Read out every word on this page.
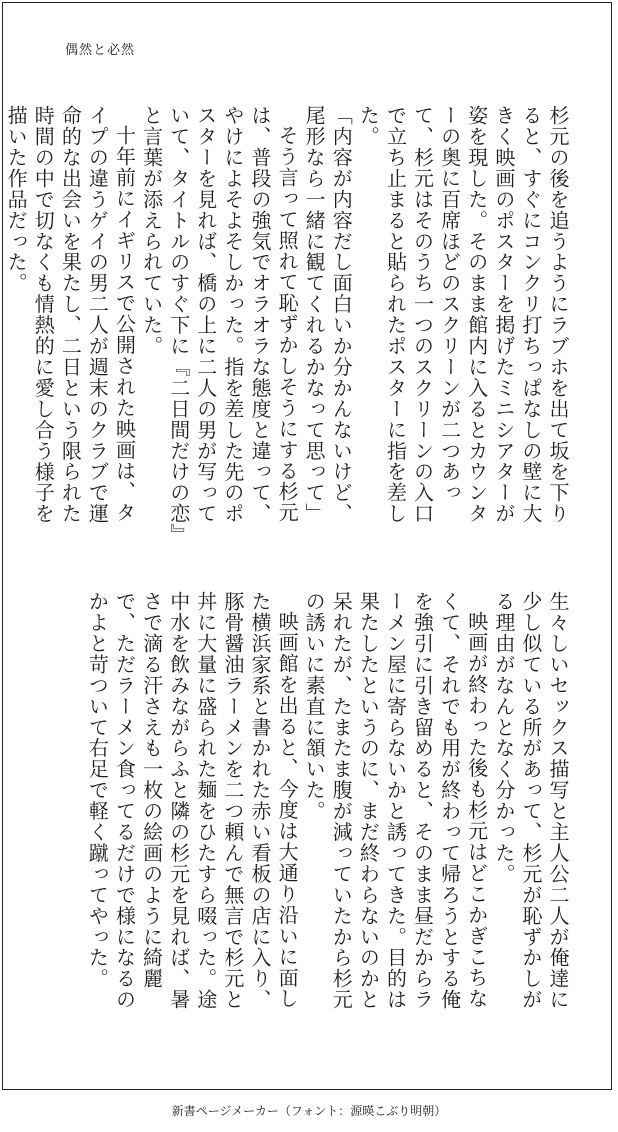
偶然と必然

杉元の後を追うようにラブホを出て坂を下りると、すぐにコンクリ打ちっぱなしの壁に大きく映画のポスターを掲げたミニシアターが姿を現した。そのまま館内に入るとカウンターの奥に百席ほどのスクリーンが二つあって、杉元はそのうち一つのスクリーンの入口で立ち止まると貼られたポスターに指を差した。

「内容が内容だし面白いか分かんないけど、尾形なら一緒に観てくれるかなって思って」

そう言って照れて恥ずかしそうにする杉元は、普段の強気でオラオラな態度と違って、やけによそよそしかった。指を差した先のポスターを見れば、橋の上に二人の男が写っていて、タイトルのすぐ下に『二日間だけの恋』と言葉が添えられていた。

十年前にイギリスで公開された映画は、タイプの違うゲイの男二人が週末のクラブで運命的な出会いを果たし、二日という限られた時間の中で切なくも情熱的に愛し合う様子を描いた作品だった。

生々しいセックス描写と主人公二人が俺達に少し似ている所があって、杉元が恥ずかしがる理由がなんとなく分かった。

映画が終わった後も杉元はどこかぎこちなくて、それでも用が終わって帰ろうとする俺を強引に引き留めると、そのまま昼だからラーメン屋に寄らないかと誘ってきた。目的は果たしたというのに、まだ終わらないのかと呆れたが、たまたま腹が減っていたから杉元の誘いに素直に頷いた。

映画館を出ると、今度は大通り沿いに面した横浜家系と書かれた赤い看板の店に入り、豚骨醤油ラーメンを二つ頼んで無言で杉元と丼に大量に盛られた麺をひたすら啜った。途中水を飲みながらふと隣の杉元を見れば、暑さで滴る汗さえも一枚の絵画のように綺麗で、ただラーメン食ってるだけで様になるのかよと苛ついて右足で軽く蹴ってやった。

新書ページメーカー（フォント：源暎こぶり明朝）
